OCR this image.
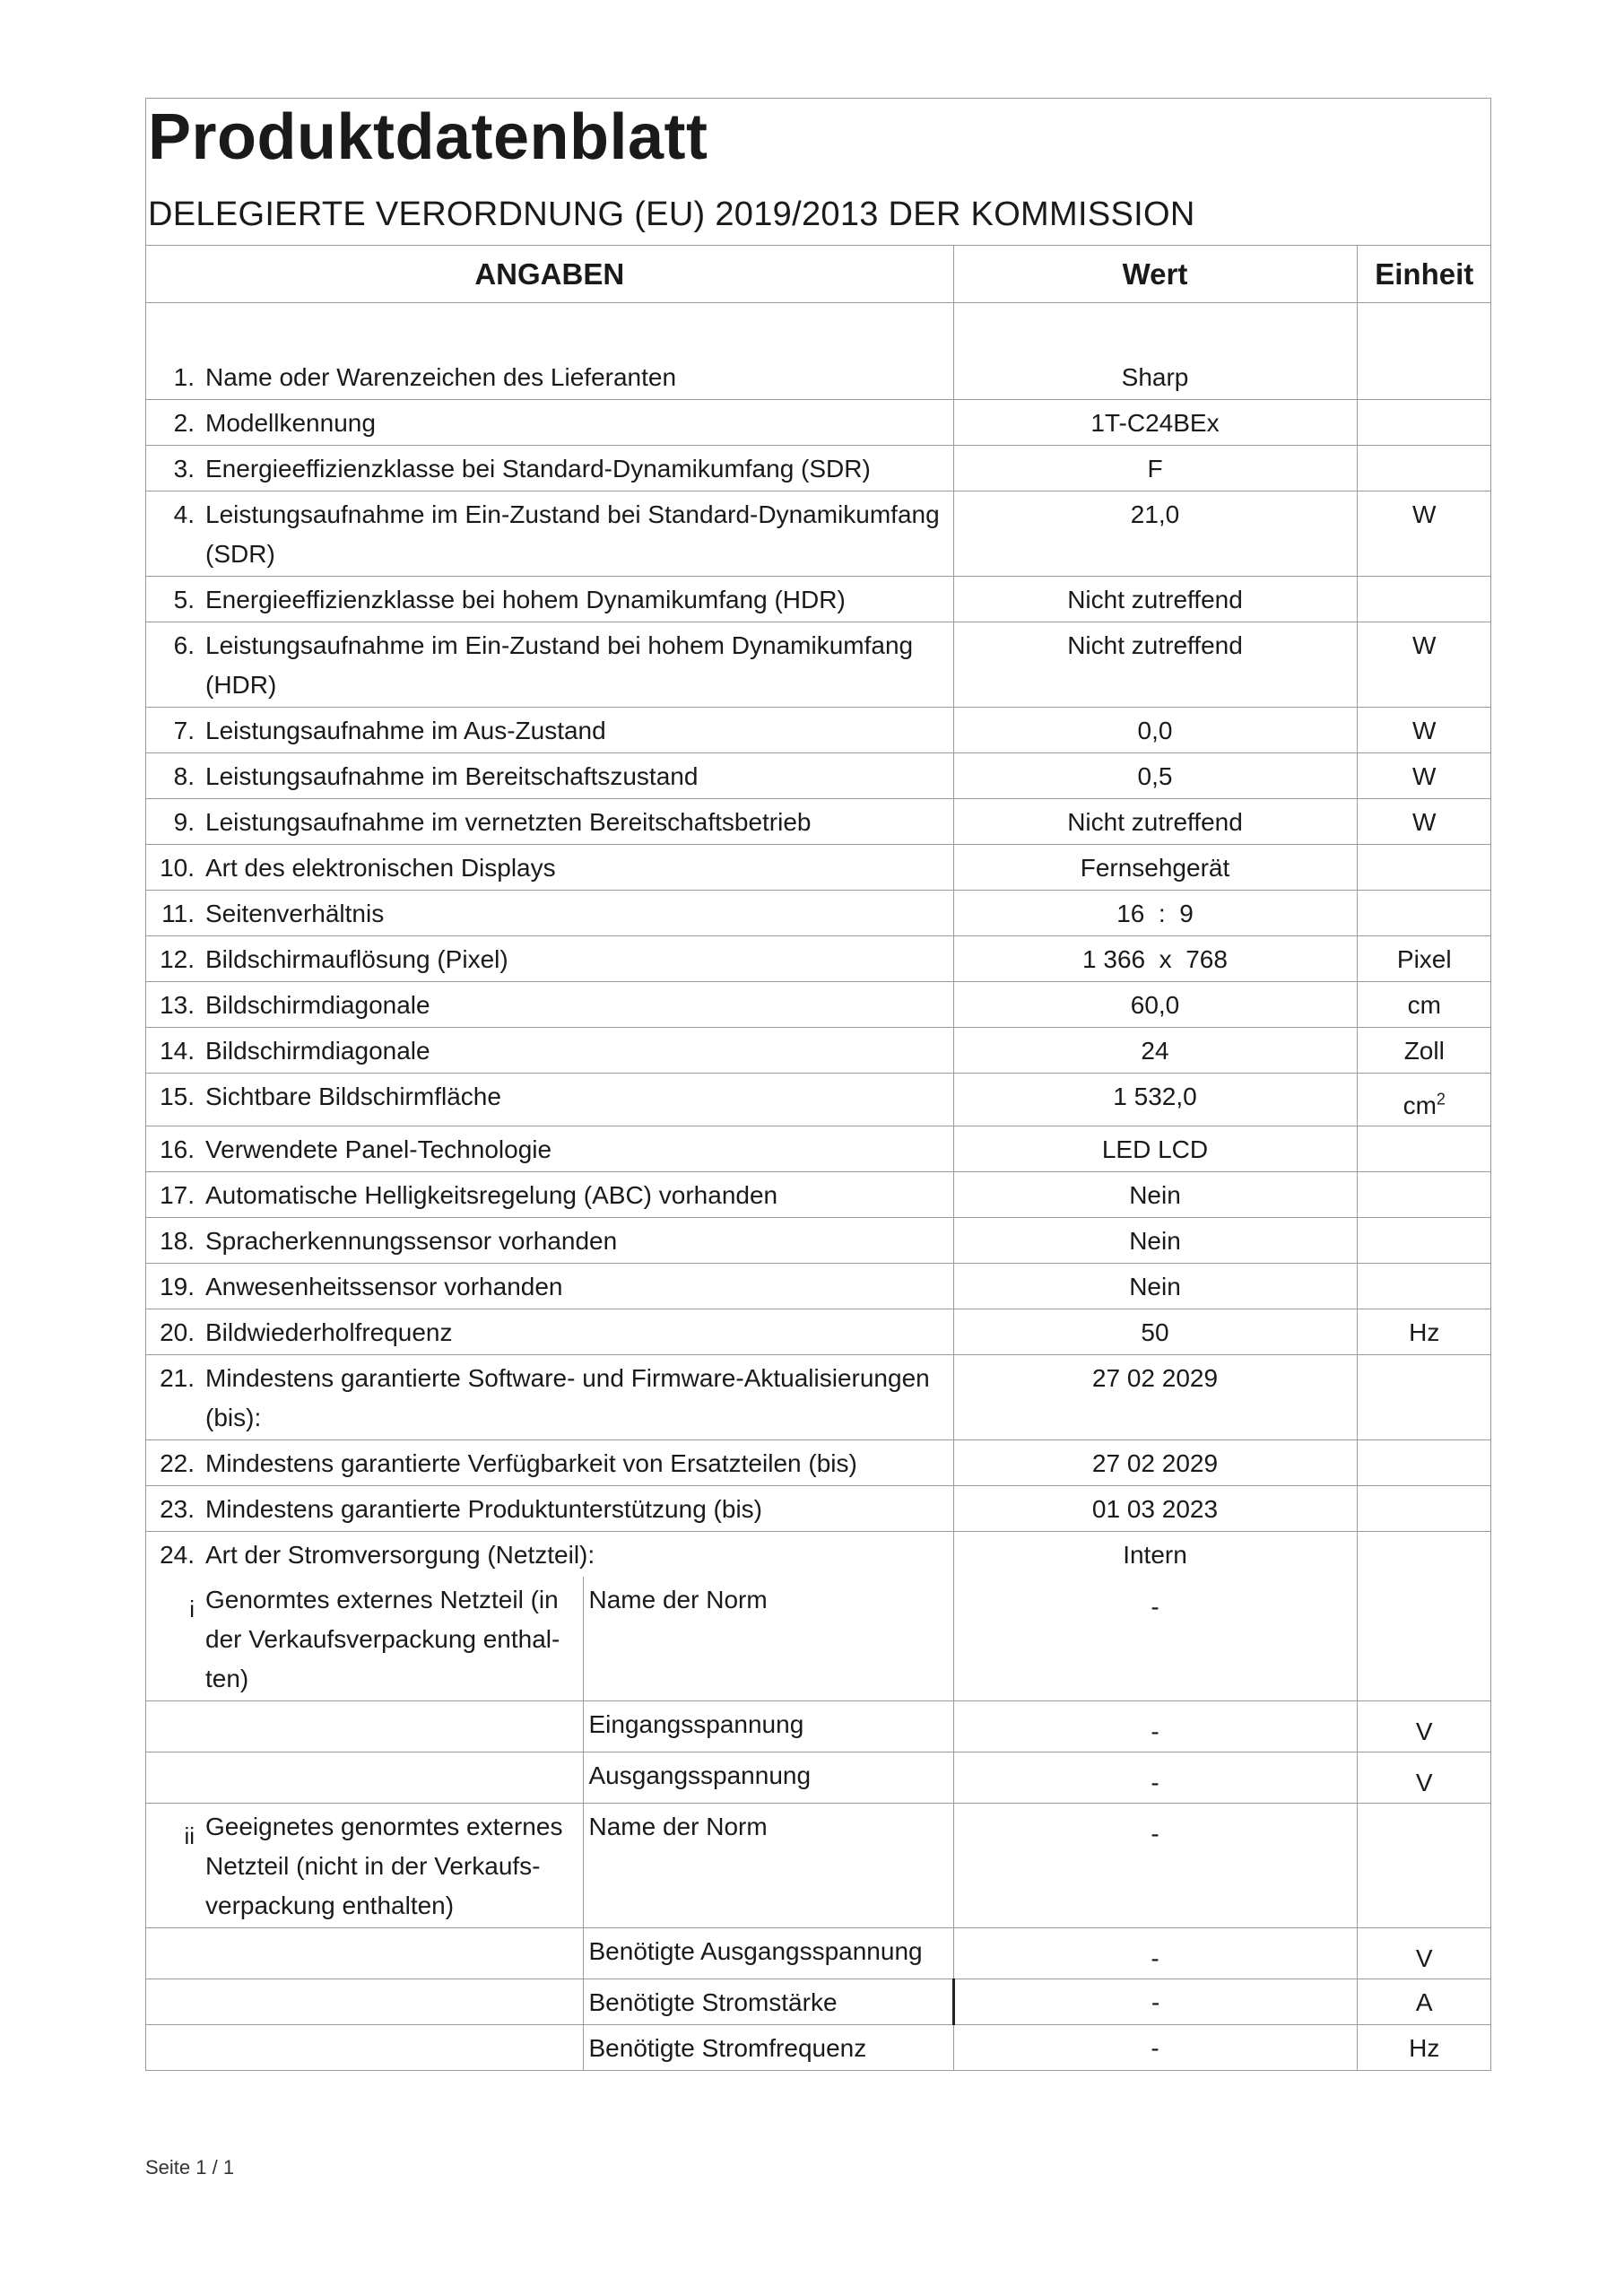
Produktdatenblatt
DELEGIERTE VERORDNUNG (EU) 2019/2013 DER KOMMISSION
ANGABEN		Wert	Einheit

1. Name oder Warenzeichen des Lieferanten		Sharp	
2. Modellkennung		1T-C24BEx	
3. Energieeffizienzklasse bei Standard-Dynamikumfang (SDR)		F	
4. Leistungsaufnahme im Ein-Zustand bei Standard-Dynamikumfang (SDR)		21,0	W
5. Energieeffizienzklasse bei hohem Dynamikumfang (HDR)		Nicht zutreffend	
6. Leistungsaufnahme im Ein-Zustand bei hohem Dynamikumfang (HDR)		Nicht zutreffend	W
7. Leistungsaufnahme im Aus-Zustand		0,0	W
8. Leistungsaufnahme im Bereitschaftszustand		0,5	W
9. Leistungsaufnahme im vernetzten Bereitschaftsbetrieb		Nicht zutreffend	W
10. Art des elektronischen Displays		Fernsehgerät	
11. Seitenverhältnis		16  :  9	
12. Bildschirmauflösung (Pixel)		1 366  x  768	Pixel
13. Bildschirmdiagonale		60,0	cm
14. Bildschirmdiagonale		24	Zoll
15. Sichtbare Bildschirmfläche		1 532,0	$cm^2$
16. Verwendete Panel-Technologie		LED LCD	
17. Automatische Helligkeitsregelung (ABC) vorhanden		Nein	
18. Spracherkennungssensor vorhanden		Nein	
19. Anwesenheitssensor vorhanden		Nein	
20. Bildwiederholfrequenz		50	Hz
21. Mindestens garantierte Software- und Firmware-Aktualisierungen (bis):		27 02 2029	
22. Mindestens garantierte Verfügbarkeit von Ersatzteilen (bis)		27 02 2029	
23. Mindestens garantierte Produktunterstützung (bis)		01 03 2023	
24. Art der Stromversorgung (Netzteil):		Intern	
i Genormtes externes Netzteil (in der Verkaufsverpackung enthal-ten)	Name der Norm	-	
	Eingangsspannung	-	V
	Ausgangsspannung	-	V
ii Geeignetes genormtes externes Netzteil (nicht in der Verkaufs-verpackung enthalten)	Name der Norm	-	
	Benötigte Ausgangsspannung	-	V
	Benötigte Stromstärke	-	A
	Benötigte Stromfrequenz	-	Hz
Seite 1 / 1
